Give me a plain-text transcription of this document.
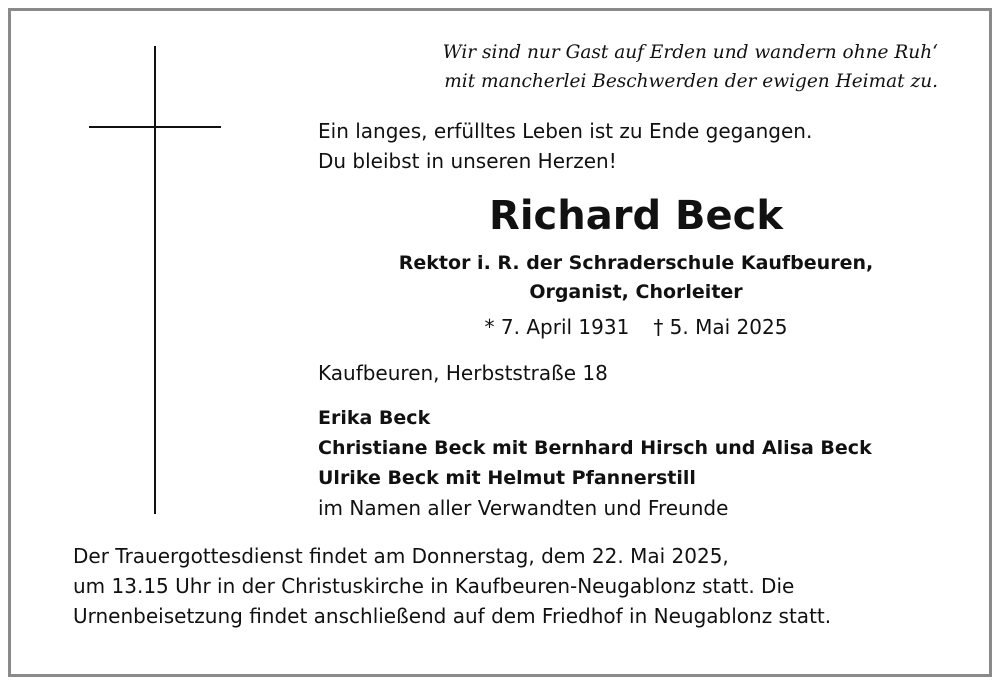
Wir sind nur Gast auf Erden und wandern ohne Ruh‘
mit mancherlei Beschwerden der ewigen Heimat zu.
Ein langes, erfülltes Leben ist zu Ende gegangen.
Du bleibst in unseren Herzen!
Richard Beck
Rektor i. R. der Schraderschule Kaufbeuren,
Organist, Chorleiter
* 7. April 1931 † 5. Mai 2025
Kaufbeuren, Herbststraße 18
Erika Beck
Christiane Beck mit Bernhard Hirsch und Alisa Beck
Ulrike Beck mit Helmut Pfannerstill
im Namen aller Verwandten und Freunde
Der Trauergottesdienst findet am Donnerstag, dem 22. Mai 2025,
um 13.15 Uhr in der Christuskirche in Kaufbeuren-Neugablonz statt. Die
Urnenbeisetzung findet anschließend auf dem Friedhof in Neugablonz statt.
